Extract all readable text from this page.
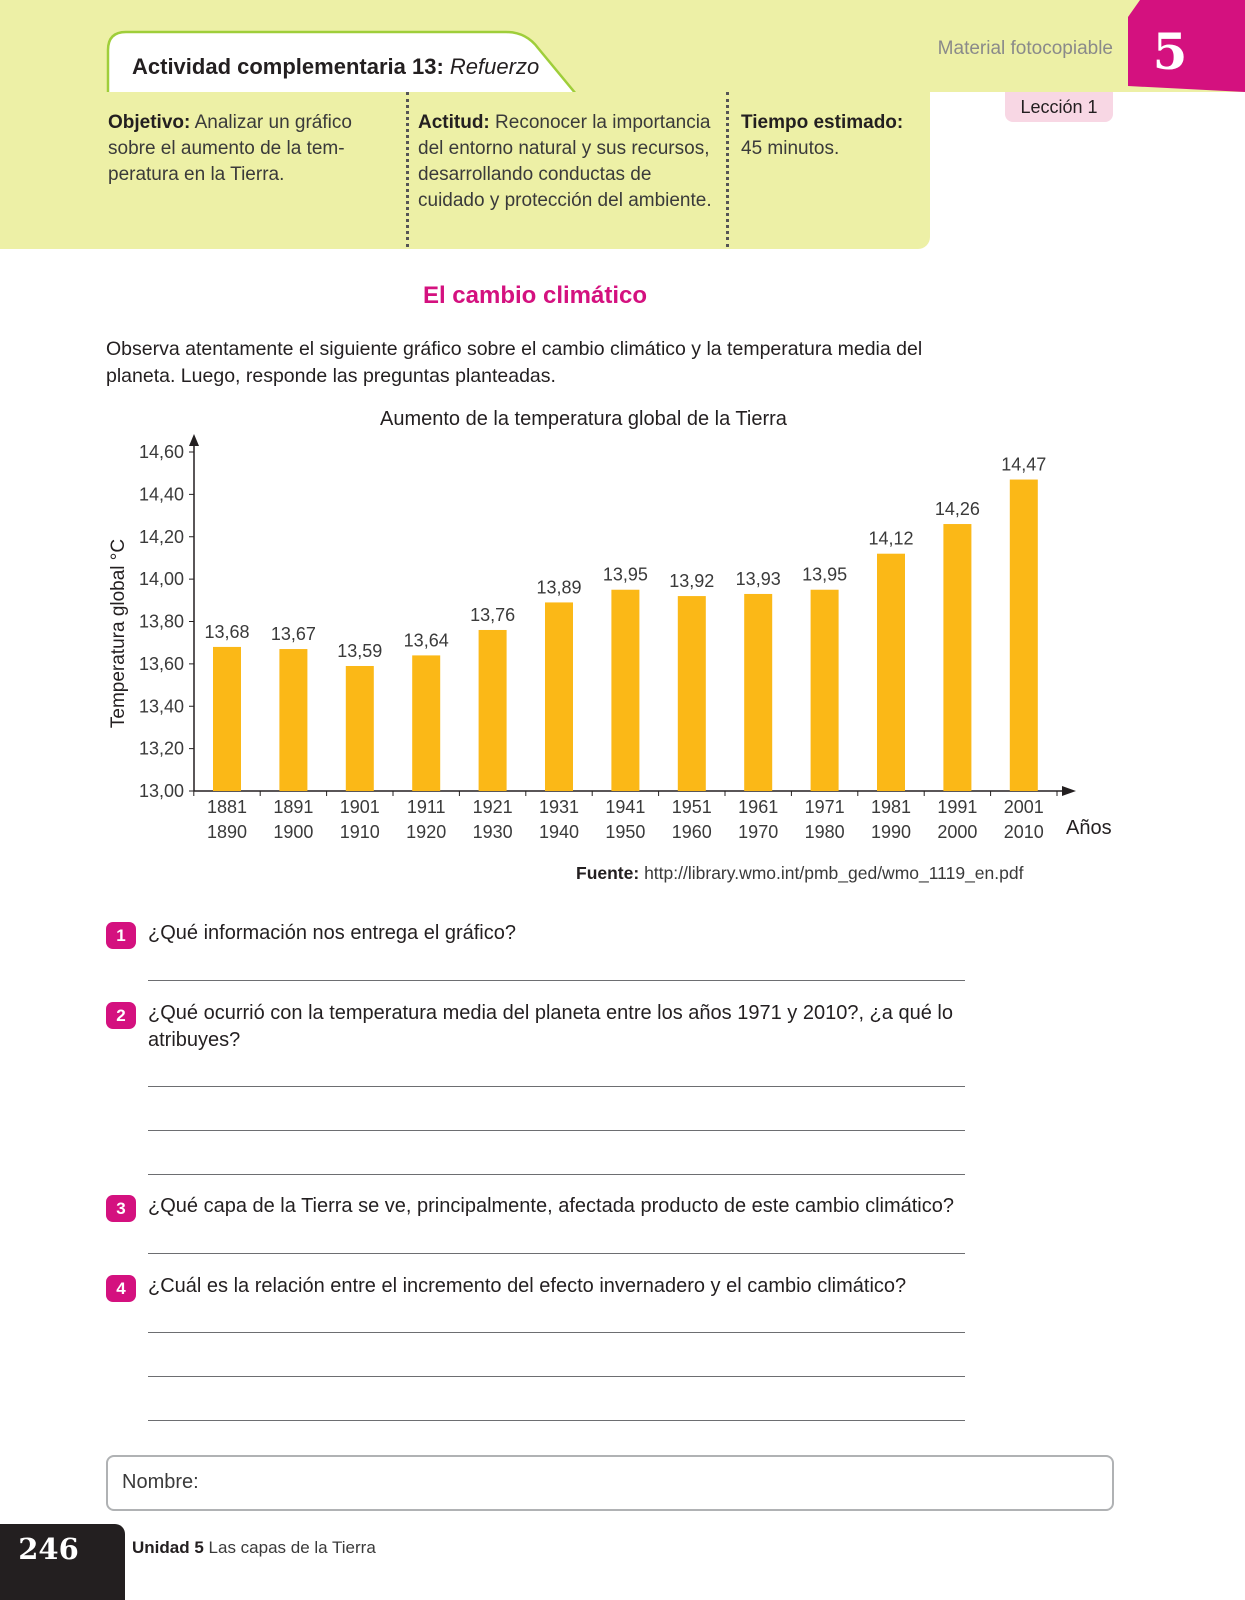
Actividad complementaria 13: Refuerzo
Material fotocopiable 5
Lección 1
Objetivo: Analizar un gráfico sobre el aumento de la tem-peratura en la Tierra.
Actitud: Reconocer la importancia del entorno natural y sus recursos, desarrollando conductas de cuidado y protección del ambiente.
Tiempo estimado:
45 minutos.
El cambio climático
Observa atentamente el siguiente gráfico sobre el cambio climático y la temperatura media del planeta. Luego, responde las preguntas planteadas.
Aumento de la temperatura global de la Tierra
14,60
14,40
14,20
14,00
13,80
13,60
13,40
13,20
13,00
Temperatura global °C	13,68
1881
1890
13,67
1891
1900
13,59
1901
1910
13,64
1911
1920
13,76
1921
1930
13,89
1931
1940
13,95
1941
1950
13,92
1951
1960
13,93
1961
1970
13,95
1971
1980
14,12
1981
1990
14,26
1991
2000
14,47
2001
2010 Años
Fuente: http://library.wmo.int/pmb_ged/wmo_1119_en.pdf
1	¿Qué información nos entrega el gráfico?
2	¿Qué ocurrió con la temperatura media del planeta entre los años 1971 y 2010?, ¿a qué lo atribuyes?
3	¿Qué capa de la Tierra se ve, principalmente, afectada producto de este cambio climático?
4	¿Cuál es la relación entre el incremento del efecto invernadero y el cambio climático?
Nombre:
246	Unidad 5 Las capas de la Tierra
